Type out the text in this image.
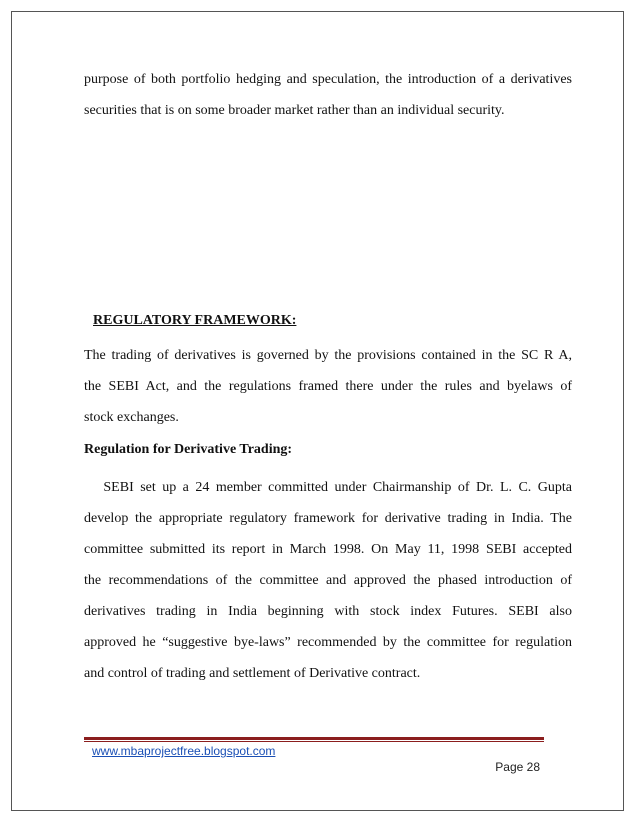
purpose of both portfolio hedging and speculation, the introduction of a derivatives
securities that is on some broader market rather than an individual security.

REGULATORY FRAMEWORK:

The trading of derivatives is governed by the provisions contained in the SC R A,
the SEBI Act, and the regulations framed there under the rules and byelaws of
stock exchanges.

Regulation for Derivative Trading:

SEBI set up a 24 member committed under Chairmanship of Dr. L. C. Gupta
develop the appropriate regulatory framework for derivative trading in India. The
committee submitted its report in March 1998. On May 11, 1998 SEBI accepted
the recommendations of the committee and approved the phased introduction of
derivatives trading in India beginning with stock index Futures. SEBI also
approved he “suggestive bye-laws” recommended by the committee for regulation
and control of trading and settlement of Derivative contract.

www.mbaprojectfree.blogspot.com
Page 28
